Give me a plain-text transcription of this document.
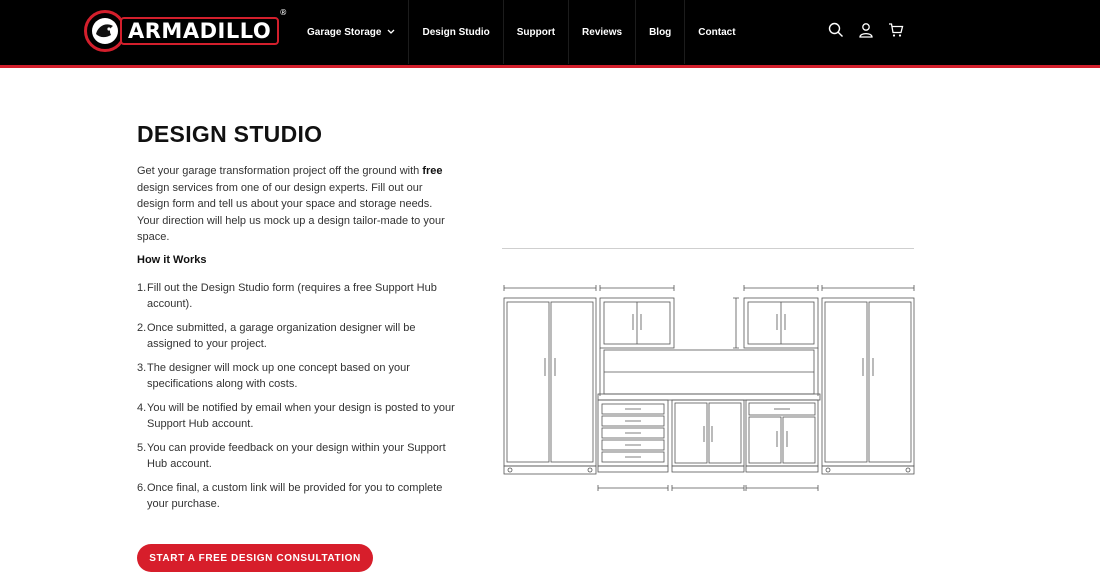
ARMADILLO
®
Garage Storage	Design Studio	Support	Reviews	Blog	Contact
DESIGN STUDIO

Get your garage transformation project off the ground with free design services from one of our design experts. Fill out our design form and tell us about your space and storage needs. Your direction will help us mock up a design tailor-made to your space.

How it Works
1. Fill out the Design Studio form (requires a free Support Hub account).
2. Once submitted, a garage organization designer will be assigned to your project.
3. The designer will mock up one concept based on your specifications along with costs.
4. You will be notified by email when your design is posted to your Support Hub account.
5. You can provide feedback on your design within your Support Hub account.
6. Once final, a custom link will be provided for you to complete your purchase.
START A FREE DESIGN CONSULTATION
